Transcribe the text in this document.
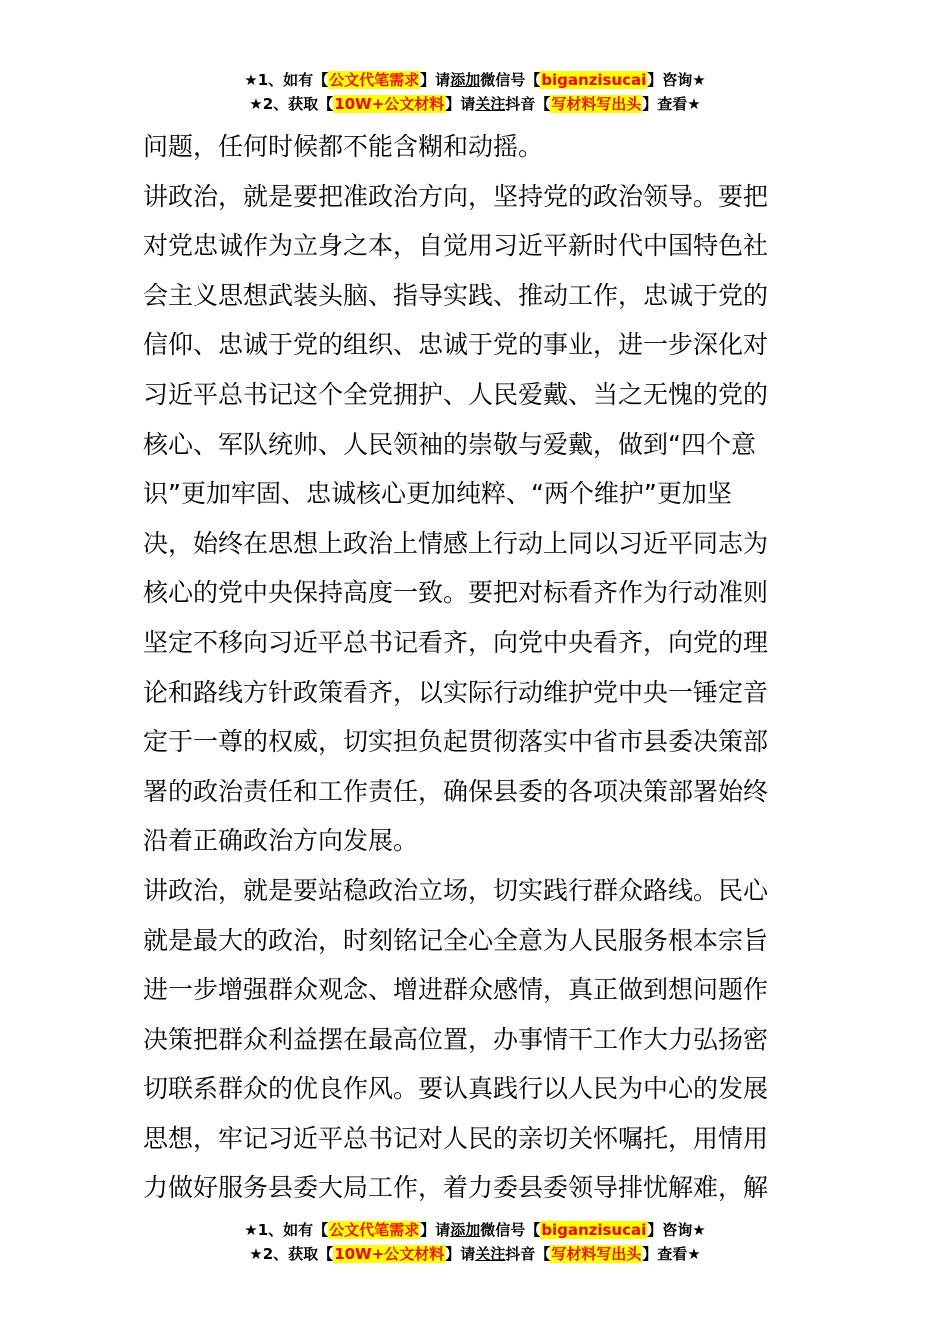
★1、如有【公文代笔需求】请添加微信号【biganzisucai】咨询★
★2、获取【10W+公文材料】请关注抖音【写材料写出头】查看★

问题，任何时候都不能含糊和动摇。

讲政治，就是要把准政治方向，坚持党的政治领导。要把
对党忠诚作为立身之本，自觉用习近平新时代中国特色社
会主义思想武装头脑、指导实践、推动工作，忠诚于党的
信仰、忠诚于党的组织、忠诚于党的事业，进一步深化对
习近平总书记这个全党拥护、人民爱戴、当之无愧的党的
核心、军队统帅、人民领袖的崇敬与爱戴，做到“四个意
识”更加牢固、忠诚核心更加纯粹、“两个维护”更加坚
决，始终在思想上政治上情感上行动上同以习近平同志为
核心的党中央保持高度一致。要把对标看齐作为行动准则
坚定不移向习近平总书记看齐，向党中央看齐，向党的理
论和路线方针政策看齐，以实际行动维护党中央一锤定音
定于一尊的权威，切实担负起贯彻落实中省市县委决策部
署的政治责任和工作责任，确保县委的各项决策部署始终
沿着正确政治方向发展。

讲政治，就是要站稳政治立场，切实践行群众路线。民心
就是最大的政治，时刻铭记全心全意为人民服务根本宗旨
进一步增强群众观念、增进群众感情，真正做到想问题作
决策把群众利益摆在最高位置，办事情干工作大力弘扬密
切联系群众的优良作风。要认真践行以人民为中心的发展
思想，牢记习近平总书记对人民的亲切关怀嘱托，用情用
力做好服务县委大局工作，着力委县委领导排忧解难，解

★1、如有【公文代笔需求】请添加微信号【biganzisucai】咨询★
★2、获取【10W+公文材料】请关注抖音【写材料写出头】查看★
